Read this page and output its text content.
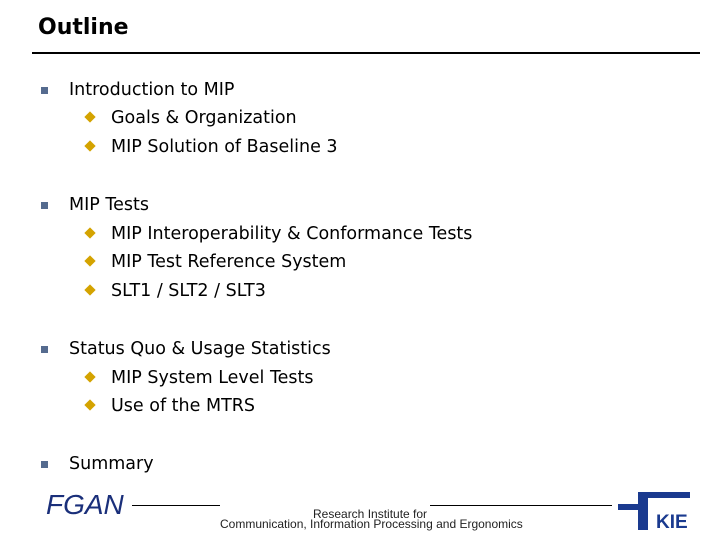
Outline
Introduction to MIP
Goals & Organization
MIP Solution of Baseline 3
MIP Tests
MIP Interoperability & Conformance Tests
MIP Test Reference System
SLT1 / SLT2 / SLT3
Status Quo & Usage Statistics
MIP System Level Tests
Use of the MTRS
Summary
FGAN	Research Institute for
Communication, Information Processing and Ergonomics	KIE
